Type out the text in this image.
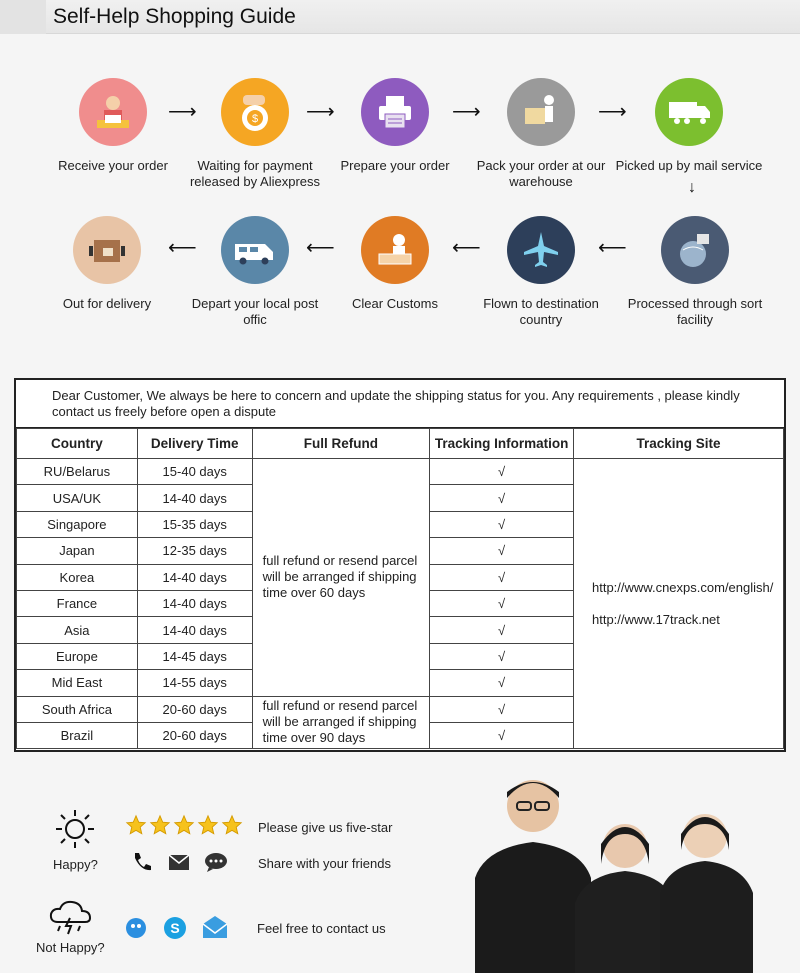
Self-Help Shopping Guide
Receive your order
⟶	$
Waiting for payment released by Aliexpress
⟶
Prepare your order
⟶
Pack your order at our warehouse
⟶
Picked up by mail service
↓
Processed through sort facility
⟵
Flown to destination country
⟵
Clear Customs
⟵
Depart your local post offic
⟵
Out for delivery
Dear Customer, We always be here to concern and update the shipping status for you. Any requirements , please kindly contact us freely before open a dispute
Country	Delivery Time	Full Refund	Tracking Information	Tracking Site
RU/Belarus	15-40 days	full refund or resend parcel will be arranged if shipping time over 60 days	√	http://www.cnexps.com/english/
http://www.17track.net

USA/UK	14-40 days		√	
Singapore	15-35 days		√	
Japan	12-35 days		√	
Korea	14-40 days		√	
France	14-40 days		√	
Asia	14-40 days		√	
Europe	14-45 days		√	
Mid East	14-55 days		√	
South Africa	20-60 days	full refund or resend parcel will be arranged if shipping time over 90 days	√	
Brazil	20-60 days		√	
Happy?
Please give us five-star
Share with your friends
Not Happy?
S	Feel free to contact us
